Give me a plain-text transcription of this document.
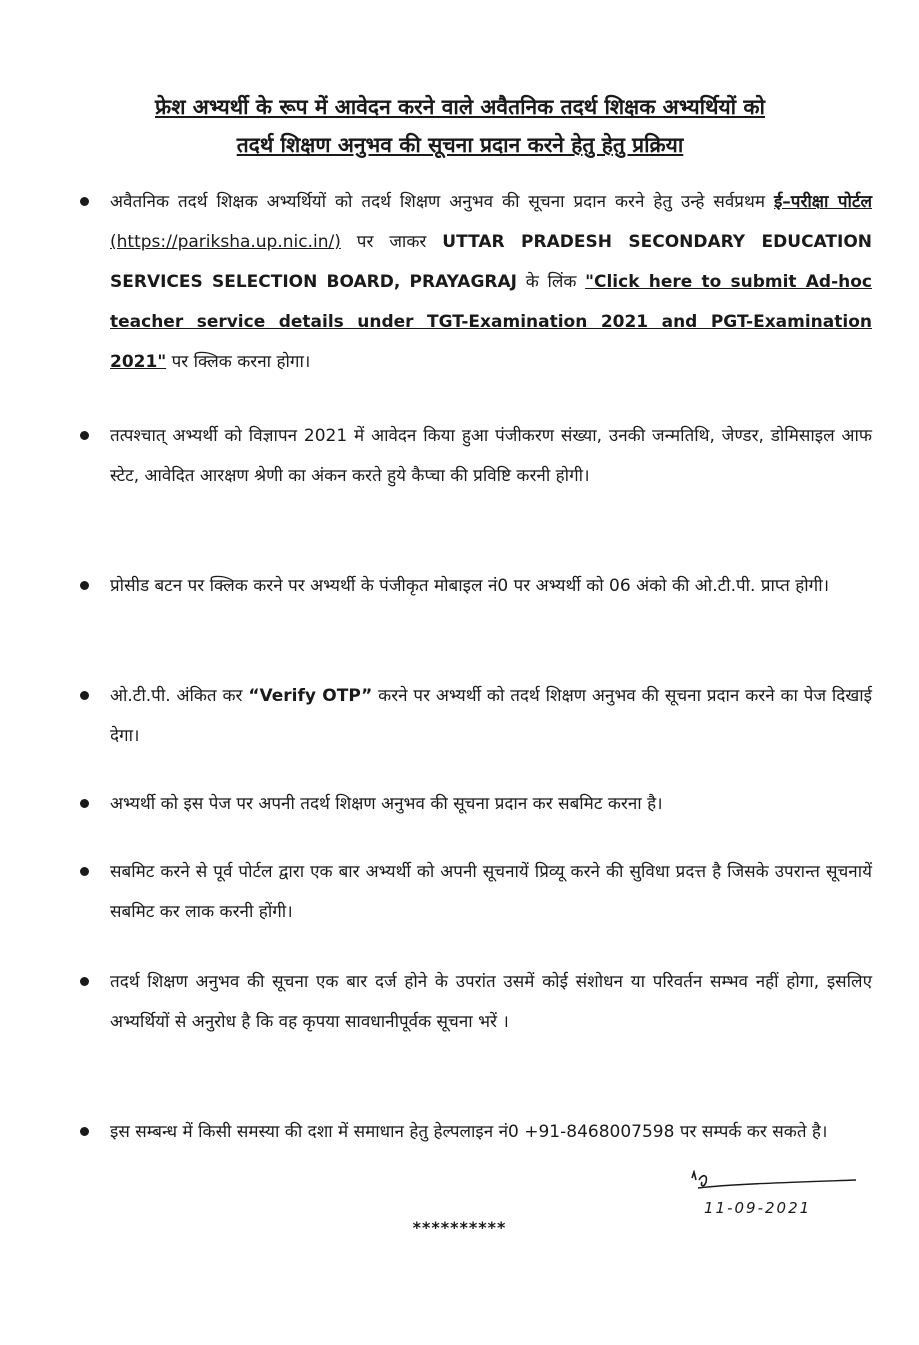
फ्रेश अभ्यर्थी के रूप में आवेदन करने वाले अवैतनिक तदर्थ शिक्षक अभ्यर्थियों को
तदर्थ शिक्षण अनुभव की सूचना प्रदान करने हेतु हेतु प्रक्रिया
अवैतनिक तदर्थ शिक्षक अभ्यर्थियों को तदर्थ शिक्षण अनुभव की सूचना प्रदान करने हेतु उन्हे सर्वप्रथम ई–परीक्षा पोर्टल (https://pariksha.up.nic.in/) पर जाकर UTTAR PRADESH SECONDARY EDUCATION SERVICES SELECTION BOARD, PRAYAGRAJ के लिंक "Click here to submit Ad-hoc teacher service details under TGT-Examination 2021 and PGT-Examination 2021" पर क्लिक करना होगा।
तत्पश्चात् अभ्यर्थी को विज्ञापन 2021 में आवेदन किया हुआ पंजीकरण संख्या, उनकी जन्मतिथि, जेण्डर, डोमिसाइल आफ स्टेट, आवेदित आरक्षण श्रेणी का अंकन करते हुये कैप्चा की प्रविष्टि करनी होगी।
प्रोसीड बटन पर क्लिक करने पर अभ्यर्थी के पंजीकृत मोबाइल नं0 पर अभ्यर्थी को 06 अंको की ओ.टी.पी. प्राप्त होगी।
ओ.टी.पी. अंकित कर “Verify OTP” करने पर अभ्यर्थी को तदर्थ शिक्षण अनुभव की सूचना प्रदान करने का पेज दिखाई देगा।
अभ्यर्थी को इस पेज पर अपनी तदर्थ शिक्षण अनुभव की सूचना प्रदान कर सबमिट करना है।
सबमिट करने से पूर्व पोर्टल द्वारा एक बार अभ्यर्थी को अपनी सूचनायें प्रिव्यू करने की सुविधा प्रदत्त है जिसके उपरान्त सूचनायें सबमिट कर लाक करनी होंगी।
तदर्थ शिक्षण अनुभव की सूचना एक बार दर्ज होने के उपरांत उसमें कोई संशोधन या परिवर्तन सम्भव नहीं होगा, इसलिए अभ्यर्थियों से अनुरोध है कि वह कृपया सावधानीपूर्वक सूचना भरें ।
इस सम्बन्ध में किसी समस्या की दशा में समाधान हेतु हेल्पलाइन नं0 +91-8468007598 पर सम्पर्क कर सकते है।
11-09-2021
**********
